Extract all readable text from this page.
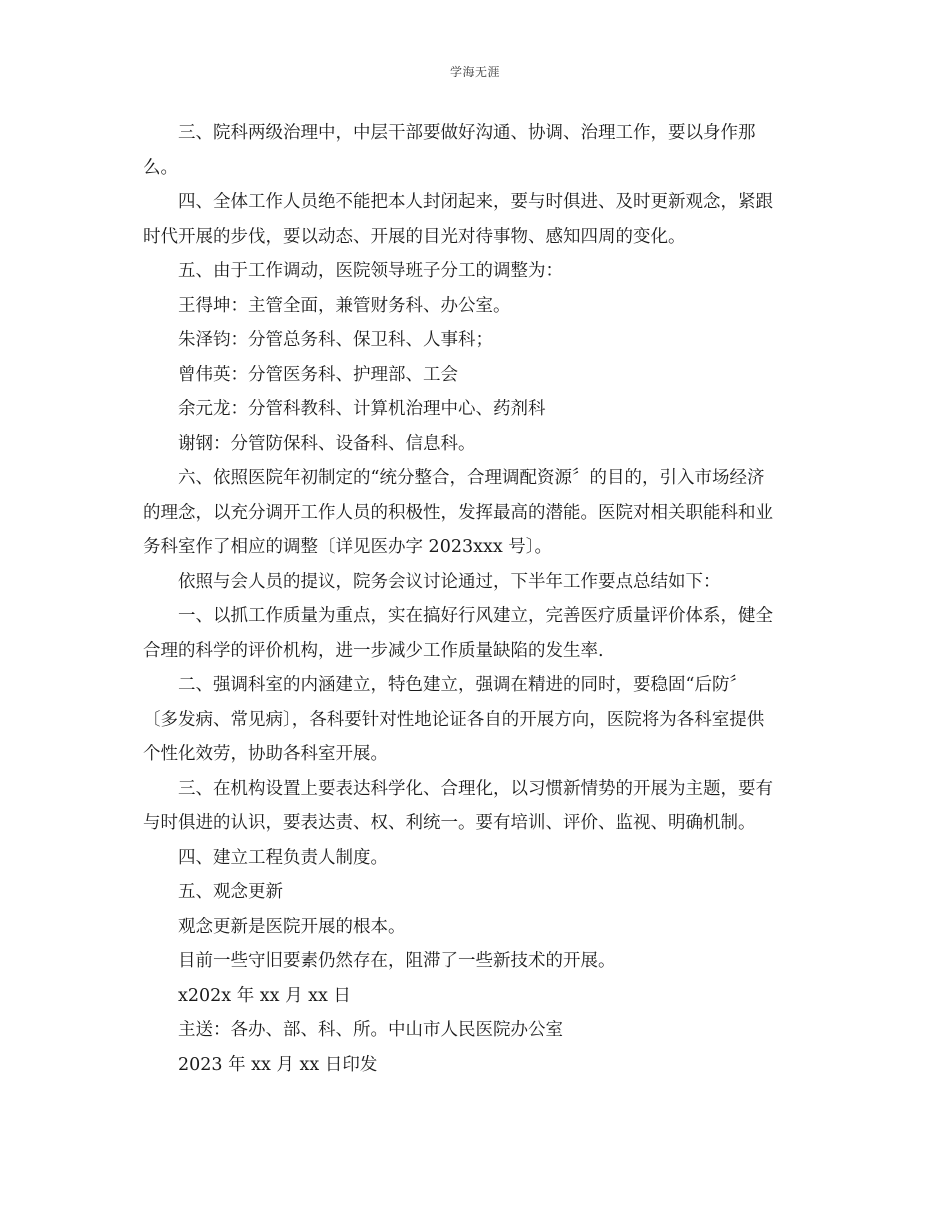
学海无涯
三、院科两级治理中，中层干部要做好沟通、协调、治理工作，要以身作那
么。
四、全体工作人员绝不能把本人封闭起来，要与时俱进、及时更新观念，紧跟
时代开展的步伐，要以动态、开展的目光对待事物、感知四周的变化。
五、由于工作调动，医院领导班子分工的调整为：
王得坤：主管全面，兼管财务科、办公室。
朱泽钧：分管总务科、保卫科、人事科；
曾伟英：分管医务科、护理部、工会
余元龙：分管科教科、计算机治理中心、药剂科
谢钢：分管防保科、设备科、信息科。
六、依照医院年初制定的“统分整合，合理调配资源〞的目的，引入市场经济
的理念，以充分调开工作人员的积极性，发挥最高的潜能。医院对相关职能科和业
务科室作了相应的调整〔详见医办字 2023xxx 号〕。
依照与会人员的提议，院务会议讨论通过，下半年工作要点总结如下：
一、以抓工作质量为重点，实在搞好行风建立，完善医疗质量评价体系，健全
合理的科学的评价机构，进一步减少工作质量缺陷的发生率.
二、强调科室的内涵建立，特色建立，强调在精进的同时，要稳固“后防〞
〔多发病、常见病〕，各科要针对性地论证各自的开展方向，医院将为各科室提供
个性化效劳，协助各科室开展。
三、在机构设置上要表达科学化、合理化，以习惯新情势的开展为主题，要有
与时俱进的认识，要表达责、权、利统一。要有培训、评价、监视、明确机制。
四、建立工程负责人制度。
五、观念更新
观念更新是医院开展的根本。
目前一些守旧要素仍然存在，阻滞了一些新技术的开展。
x202x 年 xx 月 xx 日
主送：各办、部、科、所。中山市人民医院办公室
2023 年 xx 月 xx 日印发
